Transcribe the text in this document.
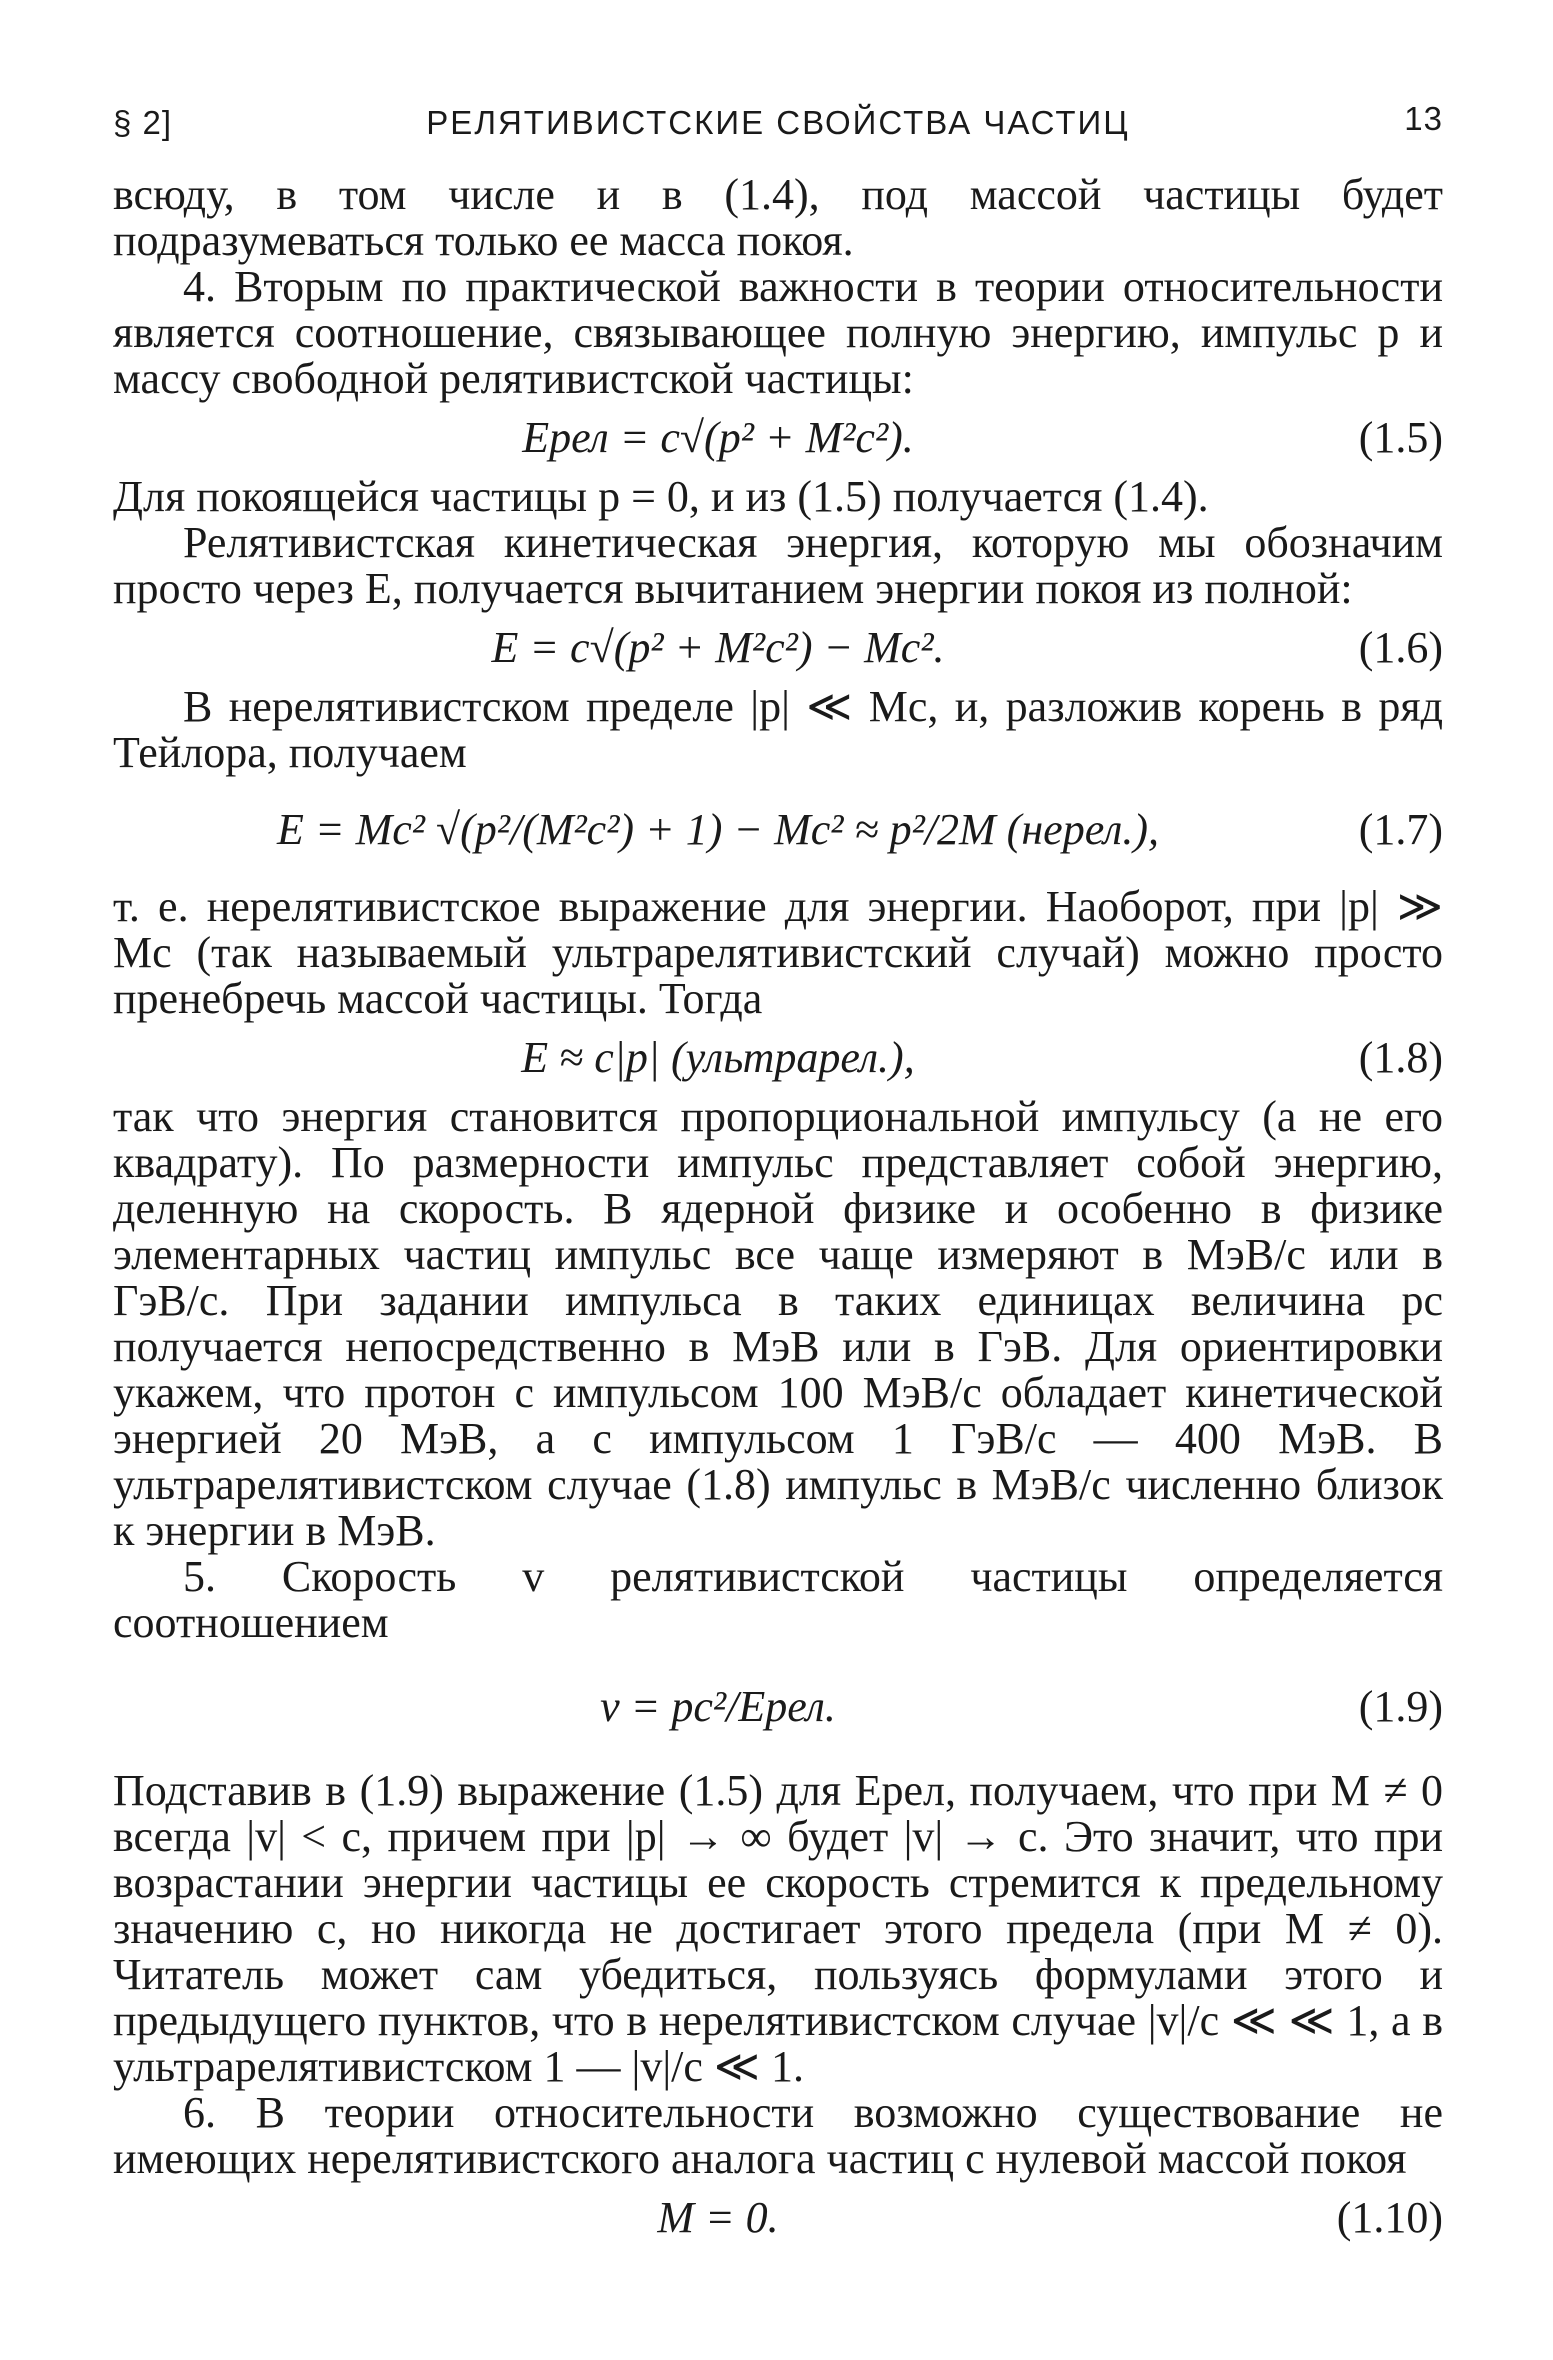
§ 2]	РЕЛЯТИВИСТСКИЕ СВОЙСТВА ЧАСТИЦ	13

всюду, в том числе и в (1.4), под массой частицы будет подразумеваться только ее масса покоя.

4. Вторым по практической важности в теории относительности является соотношение, связывающее полную энергию, импульс p и массу свободной релятивистской частицы:

Eрел = c√(p² + M²c²).	(1.5)

Для покоящейся частицы p = 0, и из (1.5) получается (1.4).

Релятивистская кинетическая энергия, которую мы обозначим просто через E, получается вычитанием энергии покоя из полной:

E = c√(p² + M²c²) − Mc².	(1.6)

В нерелятивистском пределе |p| ≪ Mc, и, разложив корень в ряд Тейлора, получаем

E = Mc² √(p²/(M²c²) + 1) − Mc² ≈ p²/2M (нерел.),	(1.7)

т. е. нерелятивистское выражение для энергии. Наоборот, при |p| ≫ Mc (так называемый ультрарелятивистский случай) можно просто пренебречь массой частицы. Тогда

E ≈ c|p| (ультрарел.),	(1.8)

так что энергия становится пропорциональной импульсу (а не его квадрату). По размерности импульс представляет собой энергию, деленную на скорость. В ядерной физике и особенно в физике элементарных частиц импульс все чаще измеряют в МэВ/c или в ГэВ/c. При задании импульса в таких единицах величина pc получается непосредственно в МэВ или в ГэВ. Для ориентировки укажем, что протон с импульсом 100 МэВ/c обладает кинетической энергией 20 МэВ, а с импульсом 1 ГэВ/c — 400 МэВ. В ультрарелятивистском случае (1.8) импульс в МэВ/c численно близок к энергии в МэВ.

5. Скорость v релятивистской частицы определяется соотношением

v = pc²/Eрел.	(1.9)

Подставив в (1.9) выражение (1.5) для Eрел, получаем, что при M ≠ 0 всегда |v| < c, причем при |p| → ∞ будет |v| → c. Это значит, что при возрастании энергии частицы ее скорость стремится к предельному значению c, но никогда не достигает этого предела (при M ≠ 0). Читатель может сам убедиться, пользуясь формулами этого и предыдущего пунктов, что в нерелятивистском случае |v|/c ≪ ≪ 1, а в ультрарелятивистском 1 — |v|/c ≪ 1.

6. В теории относительности возможно существование не имеющих нерелятивистского аналога частиц с нулевой массой покоя

M = 0.	(1.10)
